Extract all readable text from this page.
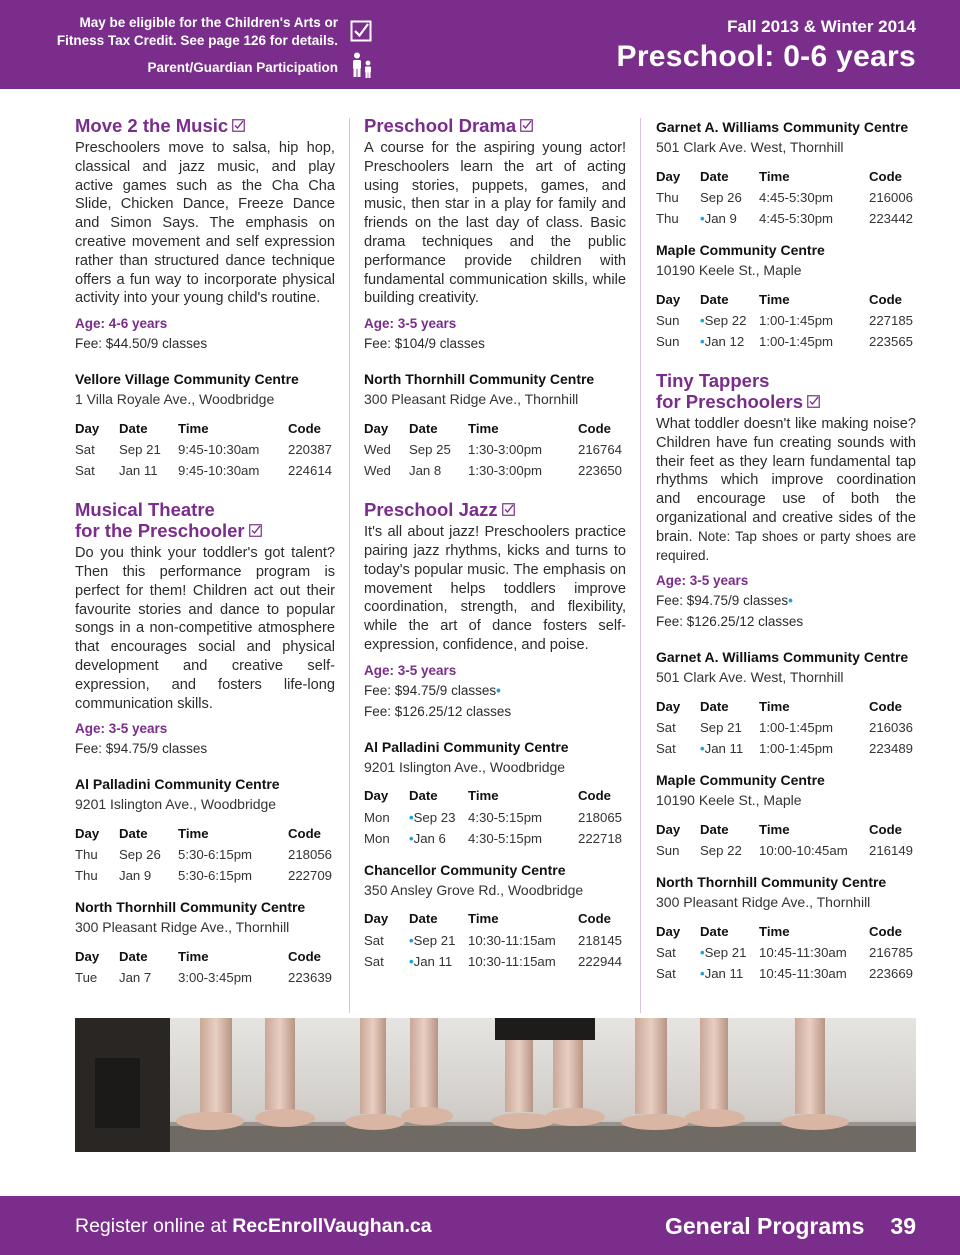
May be eligible for the Children's Arts or
Fitness Tax Credit. See page 126 for details.
Parent/Guardian Participation
Fall 2013 & Winter 2014
Preschool: 0-6 years
Move 2 the Music
Preschoolers move to salsa, hip hop, classical and jazz music, and play active games such as the Cha Cha Slide, Chicken Dance, Freeze Dance and Simon Says. The emphasis on creative movement and self expression rather than structured dance technique offers a fun way to incorporate physical activity into your young child's routine.
Age: 4-6 years
Fee: $44.50/9 classes
Vellore Village Community Centre
1 Villa Royale Ave., Woodbridge
Day	Date	Time	Code
Sat	Sep 21	9:45-10:30am	220387
Sat	Jan 11	9:45-10:30am	224614
Musical Theatre
for the Preschooler
Do you think your toddler's got talent? Then this performance program is perfect for them! Children act out their favourite stories and dance to popular songs in a non-competitive atmosphere that encourages social and physical development and creative self-expression, and fosters life-long communication skills.
Age: 3-5 years
Fee: $94.75/9 classes
Al Palladini Community Centre
9201 Islington Ave., Woodbridge
Day	Date	Time	Code
Thu	Sep 26	5:30-6:15pm	218056
Thu	Jan 9	5:30-6:15pm	222709
North Thornhill Community Centre
300 Pleasant Ridge Ave., Thornhill
Day	Date	Time	Code
Tue	Jan 7	3:00-3:45pm	223639
Preschool Drama
A course for the aspiring young actor! Preschoolers learn the art of acting using stories, puppets, games, and music, then star in a play for family and friends on the last day of class. Basic drama techniques and the public performance provide children with fundamental communication skills, while building creativity.
Age: 3-5 years
Fee: $104/9 classes
North Thornhill Community Centre
300 Pleasant Ridge Ave., Thornhill
Day	Date	Time	Code
Wed	Sep 25	1:30-3:00pm	216764
Wed	Jan 8	1:30-3:00pm	223650
Preschool Jazz
It's all about jazz! Preschoolers practice pairing jazz rhythms, kicks and turns to today's popular music. The emphasis on movement helps toddlers improve coordination, strength, and flexibility, while the art of dance fosters self-expression, confidence, and poise.
Age: 3-5 years
Fee: $94.75/9 classes•
Fee: $126.25/12 classes
Al Palladini Community Centre
9201 Islington Ave., Woodbridge
Day	Date	Time	Code
Mon	•Sep 23	4:30-5:15pm	218065
Mon	•Jan 6	4:30-5:15pm	222718
Chancellor Community Centre
350 Ansley Grove Rd., Woodbridge
Day	Date	Time	Code
Sat	•Sep 21	10:30-11:15am	218145
Sat	•Jan 11	10:30-11:15am	222944
Garnet A. Williams Community Centre
501 Clark Ave. West, Thornhill
Day	Date	Time	Code
Thu	Sep 26	4:45-5:30pm	216006
Thu	•Jan 9	4:45-5:30pm	223442
Maple Community Centre
10190 Keele St., Maple
Day	Date	Time	Code
Sun	•Sep 22	1:00-1:45pm	227185
Sun	•Jan 12	1:00-1:45pm	223565
Tiny Tappers
for Preschoolers
What toddler doesn't like making noise? Children have fun creating sounds with their feet as they learn fundamental tap rhythms which improve coordination and encourage use of both the organizational and creative sides of the brain. Note: Tap shoes or party shoes are required.
Age: 3-5 years
Fee: $94.75/9 classes•
Fee: $126.25/12 classes
Garnet A. Williams Community Centre
501 Clark Ave. West, Thornhill
Day	Date	Time	Code
Sat	Sep 21	1:00-1:45pm	216036
Sat	•Jan 11	1:00-1:45pm	223489
Maple Community Centre
10190 Keele St., Maple
Day	Date	Time	Code
Sun	Sep 22	10:00-10:45am	216149
North Thornhill Community Centre
300 Pleasant Ridge Ave., Thornhill
Day	Date	Time	Code
Sat	•Sep 21	10:45-11:30am	216785
Sat	•Jan 11	10:45-11:30am	223669
Register online at RecEnrollVaughan.ca	General Programs 39
